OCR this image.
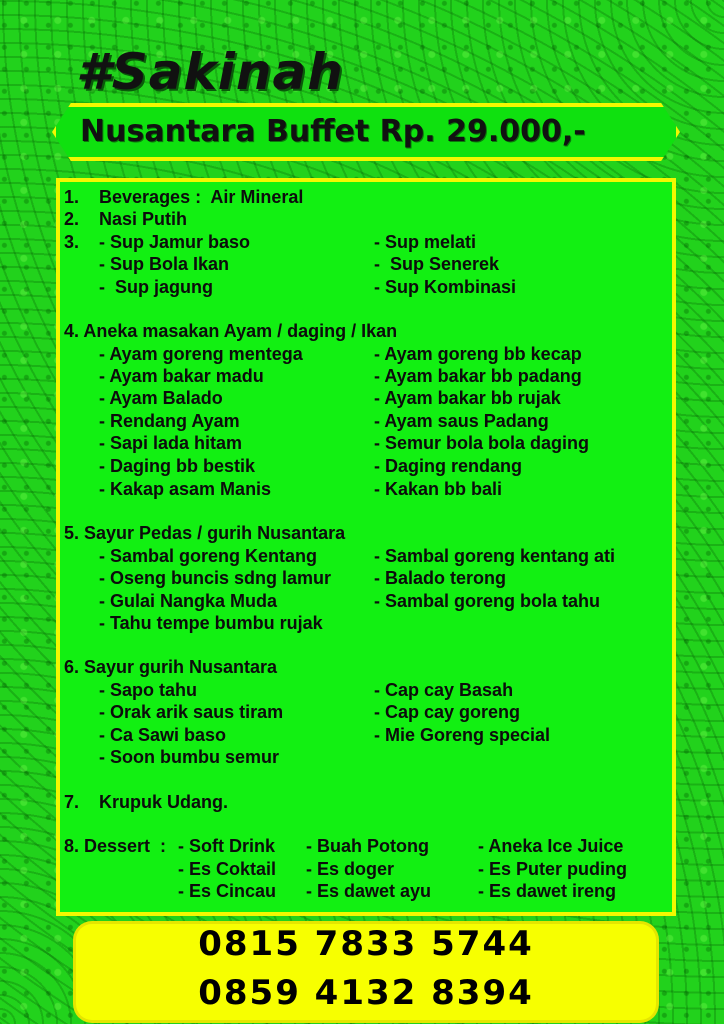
#Sakinah
Nusantara Buffet Rp. 29.000,-
1.    Beverages :  Air Mineral
2.    Nasi Putih
3. - Sup Jamur baso	- Sup melati
- Sup Bola Ikan	-  Sup Senerek
-  Sup jagung	- Sup Kombinasi
4. Aneka masakan Ayam / daging / Ikan
- Ayam goreng mentega	- Ayam goreng bb kecap
- Ayam bakar madu	- Ayam bakar bb padang
- Ayam Balado	- Ayam bakar bb rujak
- Rendang Ayam	- Ayam saus Padang
- Sapi lada hitam	- Semur bola bola daging
- Daging bb bestik	- Daging rendang
- Kakap asam Manis	- Kakan bb bali
5. Sayur Pedas / gurih Nusantara
- Sambal goreng Kentang	- Sambal goreng kentang ati
- Oseng buncis sdng lamur - Balado terong
- Gulai Nangka Muda	- Sambal goreng bola tahu
- Tahu tempe bumbu rujak
6. Sayur gurih Nusantara
- Sapo tahu	- Cap cay Basah
- Orak arik saus tiram	- Cap cay goreng
- Ca Sawi baso	- Mie Goreng special
- Soon bumbu semur
7.    Krupuk Udang.
8. Dessert  : - Soft Drink - Buah Potong	- Aneka Ice Juice
- Es Coktail - Es doger	- Es Puter puding
- Es Cincau - Es dawet ayu	- Es dawet ireng
0815 7833 5744
0859 4132 8394
